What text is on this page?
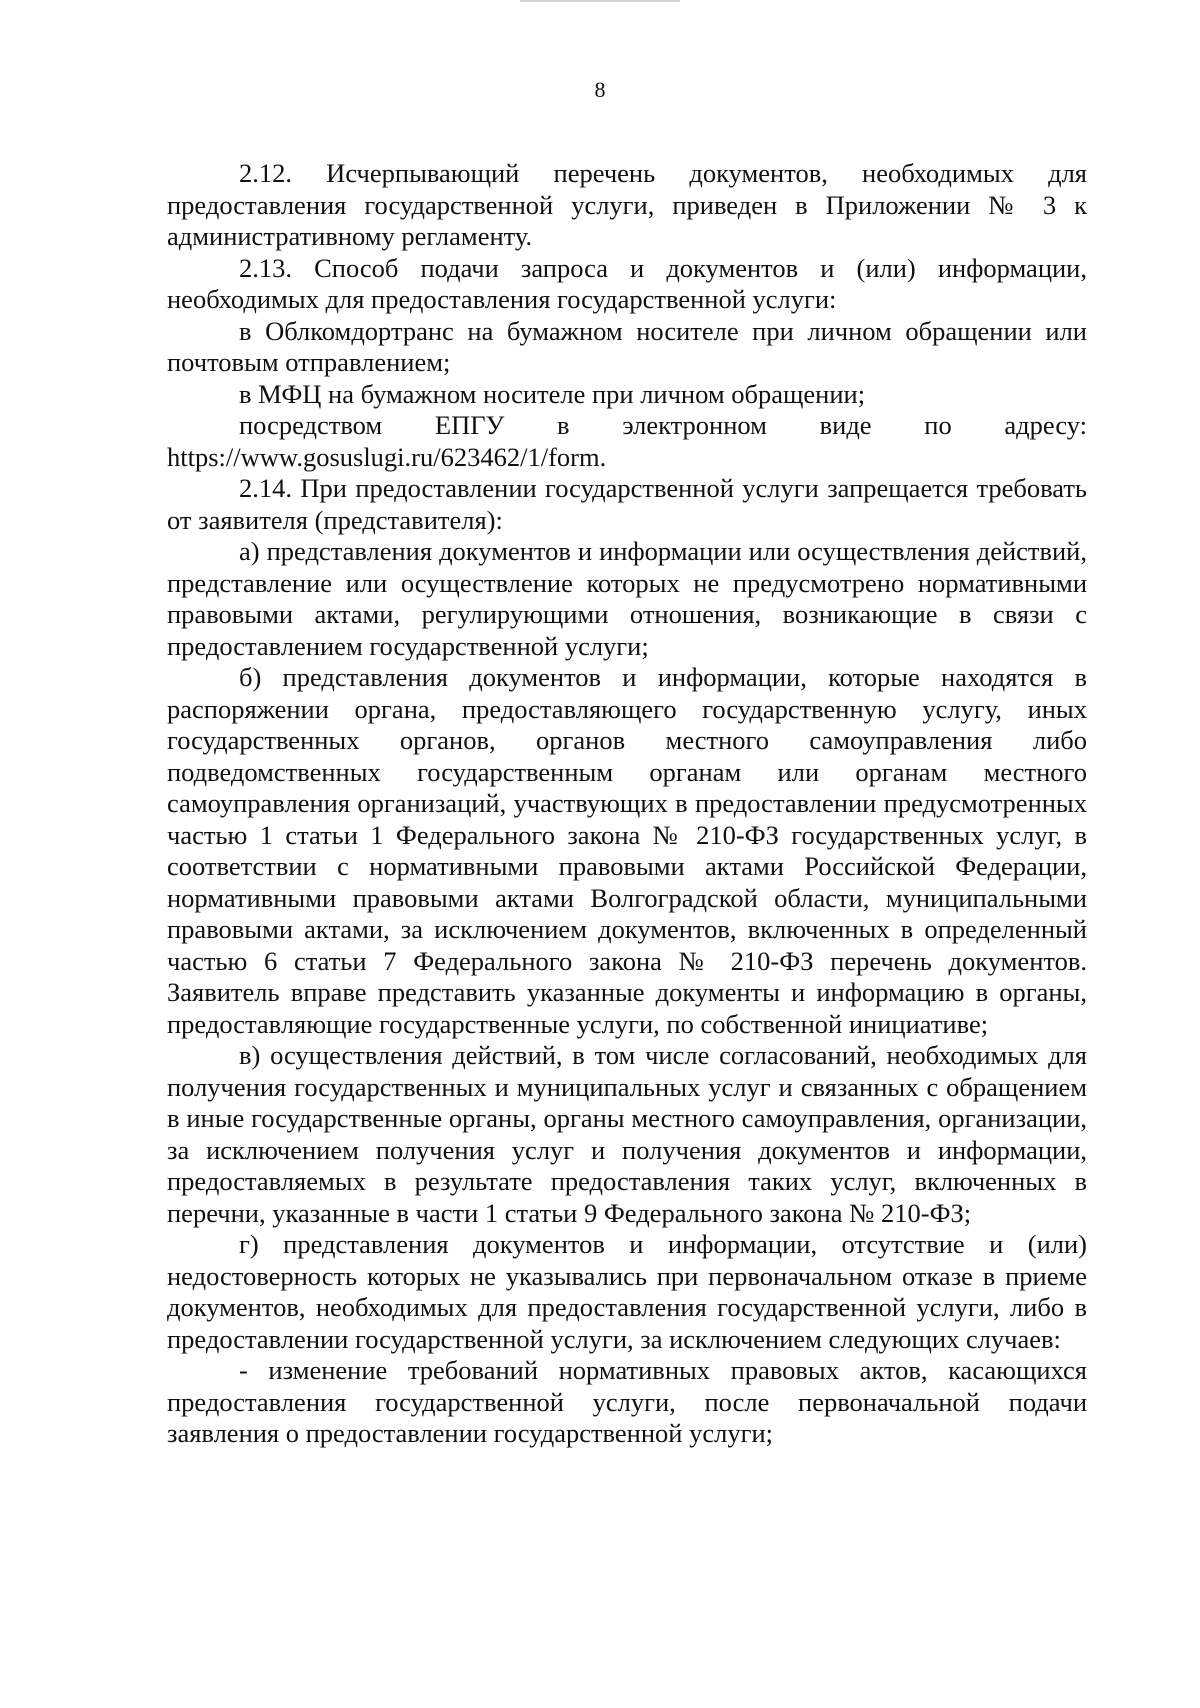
8

2.12. Исчерпывающий перечень документов, необходимых для предоставления государственной услуги, приведен в Приложении № 3 к административному регламенту.

2.13. Способ подачи запроса и документов и (или) информации, необходимых для предоставления государственной услуги:

в Облкомдортранс на бумажном носителе при личном обращении или почтовым отправлением;

в МФЦ на бумажном носителе при личном обращении;

посредством ЕПГУ в электронном виде по адресу: https://www.gosuslugi.ru/623462/1/form.

2.14. При предоставлении государственной услуги запрещается требовать от заявителя (представителя):

а) представления документов и информации или осуществления действий, представление или осуществление которых не предусмотрено нормативными правовыми актами, регулирующими отношения, возникающие в связи с предоставлением государственной услуги;

б) представления документов и информации, которые находятся в распоряжении органа, предоставляющего государственную услугу, иных государственных органов, органов местного самоуправления либо подведомственных государственным органам или органам местного самоуправления организаций, участвующих в предоставлении предусмотренных частью 1 статьи 1 Федерального закона № 210-ФЗ государственных услуг, в соответствии с нормативными правовыми актами Российской Федерации, нормативными правовыми актами Волгоградской области, муниципальными правовыми актами, за исключением документов, включенных в определенный частью 6 статьи 7 Федерального закона № 210-ФЗ перечень документов. Заявитель вправе представить указанные документы и информацию в органы, предоставляющие государственные услуги, по собственной инициативе;

в) осуществления действий, в том числе согласований, необходимых для получения государственных и муниципальных услуг и связанных с обращением в иные государственные органы, органы местного самоуправления, организации, за исключением получения услуг и получения документов и информации, предоставляемых в результате предоставления таких услуг, включенных в перечни, указанные в части 1 статьи 9 Федерального закона № 210-ФЗ;

г) представления документов и информации, отсутствие и (или) недостоверность которых не указывались при первоначальном отказе в приеме документов, необходимых для предоставления государственной услуги, либо в предоставлении государственной услуги, за исключением следующих случаев:

- изменение требований нормативных правовых актов, касающихся предоставления государственной услуги, после первоначальной подачи заявления о предоставлении государственной услуги;
